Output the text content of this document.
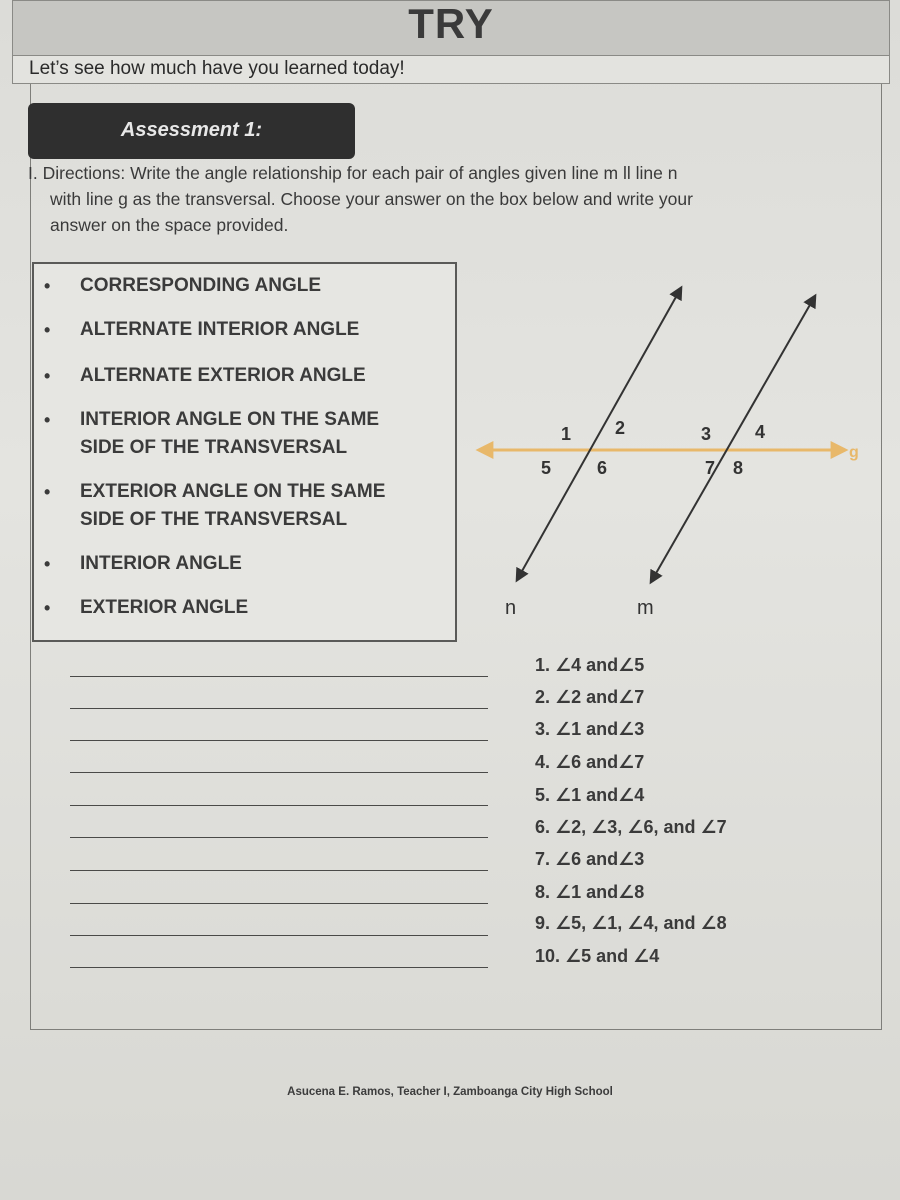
TRY
Let’s see how much have you learned today!
Assessment 1:
I. Directions: Write the angle relationship for each pair of angles given line m ll line n
with line g as the transversal. Choose your answer on the box below and write your
answer on the space provided.
• CORRESPONDING ANGLE
• ALTERNATE INTERIOR ANGLE
• ALTERNATE EXTERIOR ANGLE
• INTERIOR ANGLE ON THE SAME
SIDE OF THE TRANSVERSAL
• EXTERIOR ANGLE ON THE SAME
SIDE OF THE TRANSVERSAL
• INTERIOR ANGLE
• EXTERIOR ANGLE
g
n	m
1 2	3 4
5	6	7 8
1. ∠4 and∠5
2. ∠2 and∠7
3. ∠1 and∠3
4. ∠6 and∠7
5. ∠1 and∠4
6. ∠2, ∠3, ∠6, and ∠7
7. ∠6 and∠3
8. ∠1 and∠8
9. ∠5, ∠1, ∠4, and ∠8
10. ∠5 and ∠4
Asucena E. Ramos, Teacher I, Zamboanga City High School
